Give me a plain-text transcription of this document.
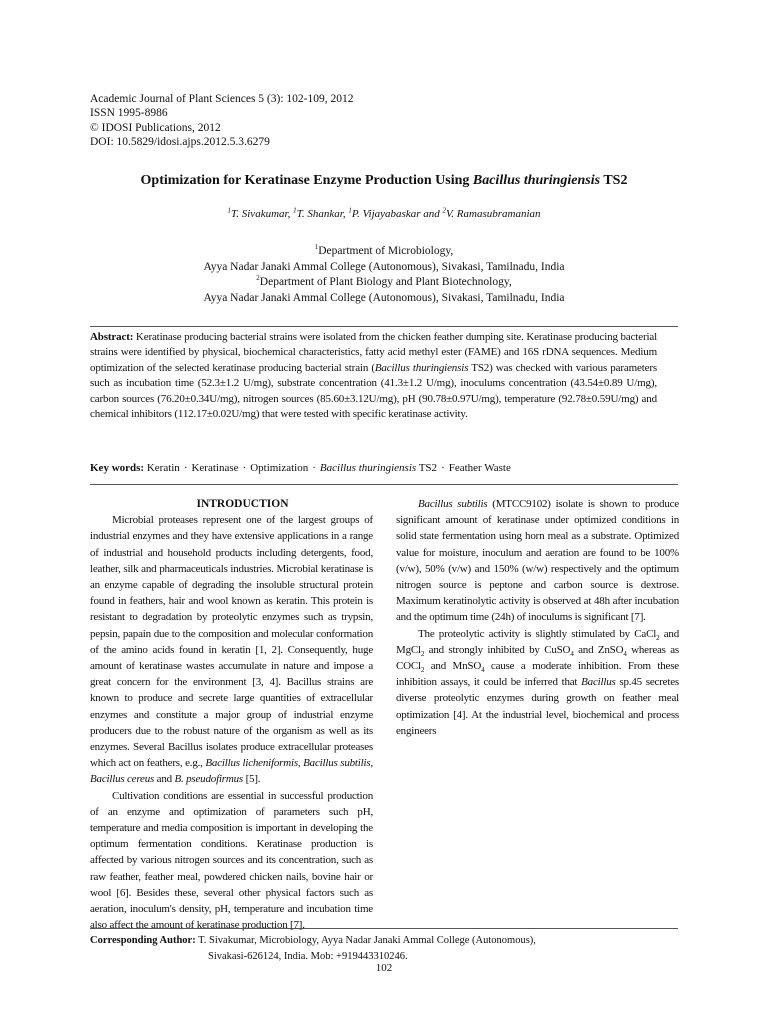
Academic Journal of Plant Sciences 5 (3): 102-109, 2012
ISSN 1995-8986
© IDOSI Publications, 2012
DOI: 10.5829/idosi.ajps.2012.5.3.6279
Optimization for Keratinase Enzyme Production Using Bacillus thuringiensis TS2
$^1$T. Sivakumar, $^1$T. Shankar, $^1$P. Vijayabaskar and $^2$V. Ramasubramanian
$^1$Department of Microbiology,
Ayya Nadar Janaki Ammal College (Autonomous), Sivakasi, Tamilnadu, India
$^2$Department of Plant Biology and Plant Biotechnology,
Ayya Nadar Janaki Ammal College (Autonomous), Sivakasi, Tamilnadu, India
Abstract: Keratinase producing bacterial strains were isolated from the chicken feather dumping site. Keratinase producing bacterial strains were identified by physical, biochemical characteristics, fatty acid methyl ester (FAME) and 16S rDNA sequences. Medium optimization of the selected keratinase producing bacterial strain (Bacillus thuringiensis TS2) was checked with various parameters such as incubation time (52.3±1.2 U/mg), substrate concentration (41.3±1.2 U/mg), inoculums concentration (43.54±0.89 U/mg), carbon sources (76.20±0.34U/mg), nitrogen sources (85.60±3.12U/mg), pH (90.78±0.97U/mg), temperature (92.78±0.59U/mg) and chemical inhibitors (112.17±0.02U/mg) that were tested with specific keratinase activity.
Key words: Keratin · Keratinase · Optimization · Bacillus thuringiensis TS2 · Feather Waste

INTRODUCTION

Microbial proteases represent one of the largest groups of industrial enzymes and they have extensive applications in a range of industrial and household products including detergents, food, leather, silk and pharmaceuticals industries. Microbial keratinase is an enzyme capable of degrading the insoluble structural protein found in feathers, hair and wool known as keratin. This protein is resistant to degradation by proteolytic enzymes such as trypsin, pepsin, papain due to the composition and molecular conformation of the amino acids found in keratin [1, 2]. Consequently, huge amount of keratinase wastes accumulate in nature and impose a great concern for the environment [3, 4]. Bacillus strains are known to produce and secrete large quantities of extracellular enzymes and constitute a major group of industrial enzyme producers due to the robust nature of the organism as well as its enzymes. Several Bacillus isolates produce extracellular proteases which act on feathers, e.g., Bacillus licheniformis, Bacillus subtilis, Bacillus cereus and B. pseudofirmus [5].

Cultivation conditions are essential in successful production of an enzyme and optimization of parameters such pH, temperature and media composition is important in developing the optimum fermentation conditions. Keratinase production is affected by various nitrogen sources and its concentration, such as raw feather, feather meal, powdered chicken nails, bovine hair or wool [6]. Besides these, several other physical factors such as aeration, inoculum's density, pH, temperature and incubation time also affect the amount of keratinase production [7].

Bacillus subtilis (MTCC9102) isolate is shown to produce significant amount of keratinase under optimized conditions in solid state fermentation using horn meal as a substrate. Optimized value for moisture, inoculum and aeration are found to be 100% (v/w), 50% (v/w) and 150% (w/w) respectively and the optimum nitrogen source is peptone and carbon source is dextrose. Maximum keratinolytic activity is observed at 48h after incubation and the optimum time (24h) of inoculums is significant [7].

The proteolytic activity is slightly stimulated by CaCl$_2$ and MgCl$_2$ and strongly inhibited by CuSO$_4$ and ZnSO$_4$ whereas as COCl$_2$ and MnSO$_4$ cause a moderate inhibition. From these inhibition assays, it could be inferred that Bacillus sp.45 secretes diverse proteolytic enzymes during growth on feather meal optimization [4]. At the industrial level, biochemical and process engineers

Corresponding Author: T. Sivakumar, Microbiology, Ayya Nadar Janaki Ammal College (Autonomous),
Sivakasi-626124, India. Mob: +919443310246.
102
